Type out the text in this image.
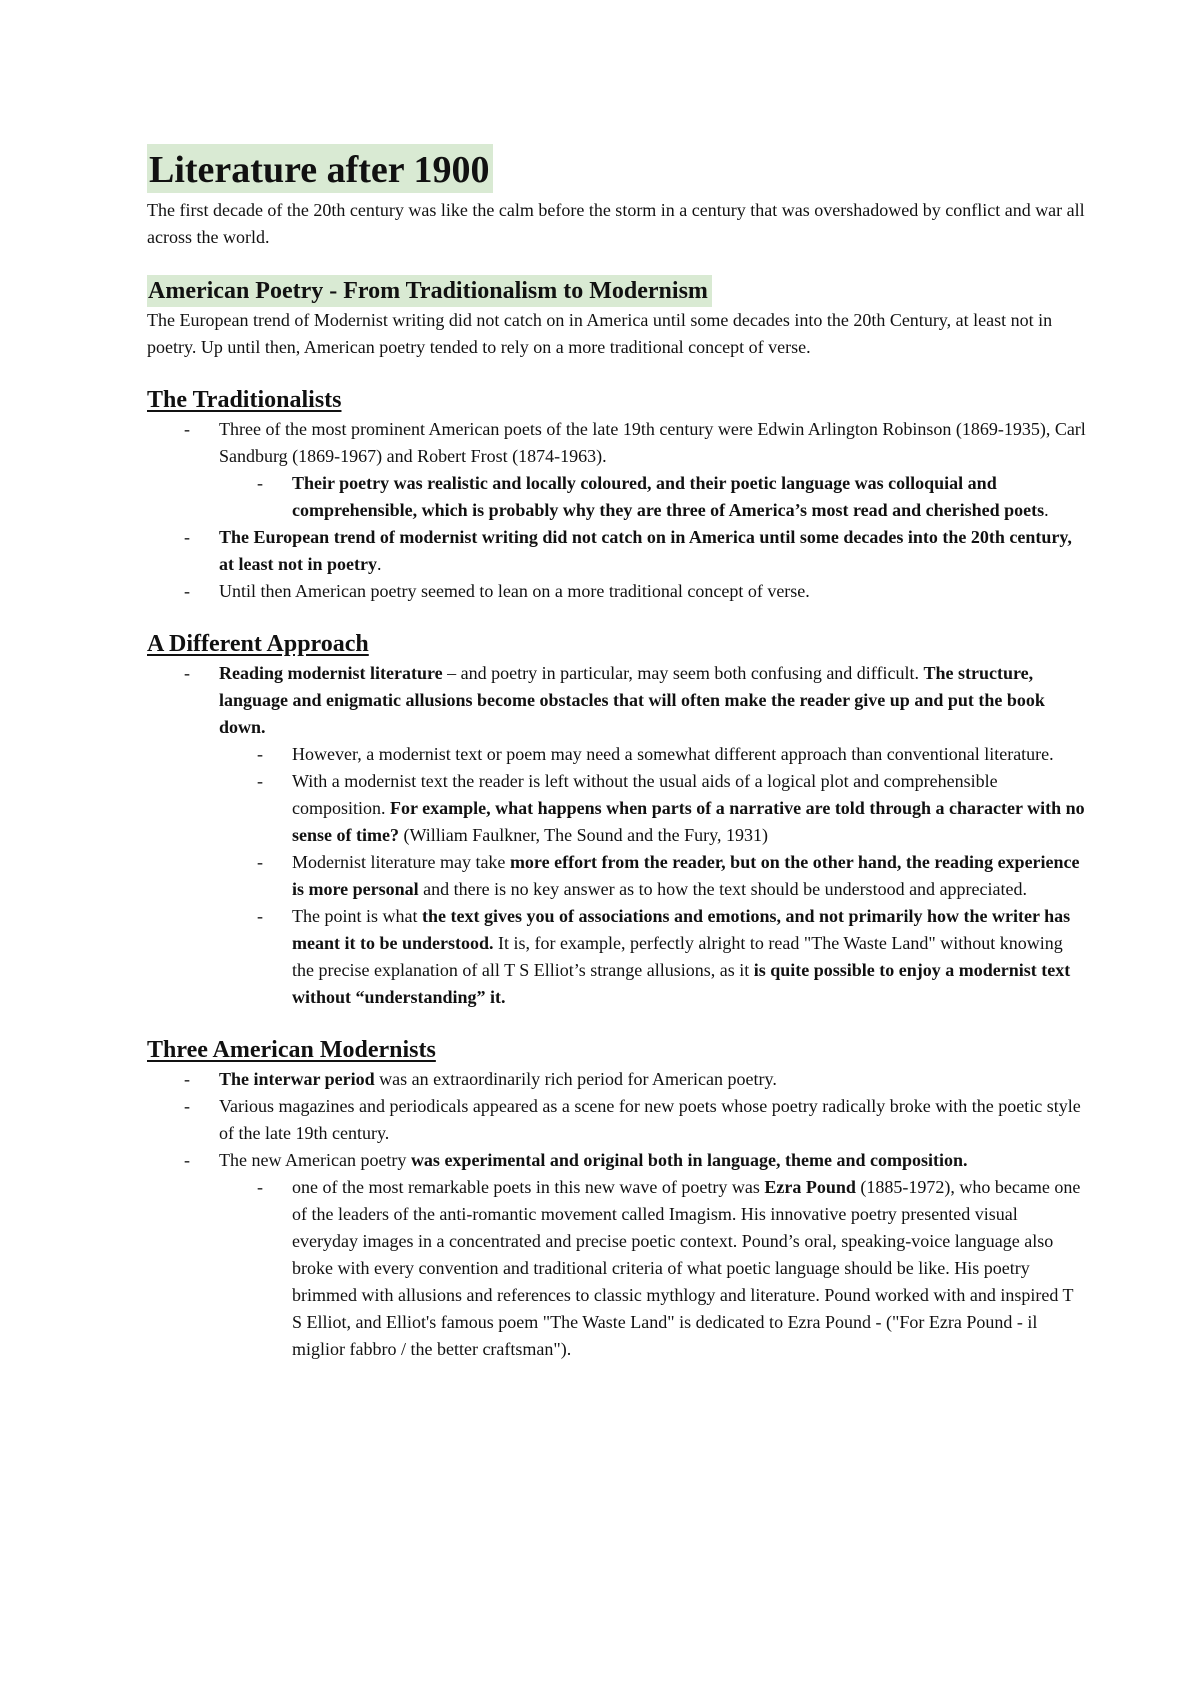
Literature after 1900

The first decade of the 20th century was like the calm before the storm in a century that was overshadowed by conflict and war all across the world.

American Poetry - From Traditionalism to Modernism

The European trend of Modernist writing did not catch on in America until some decades into the 20th Century, at least not in poetry. Up until then, American poetry tended to rely on a more traditional concept of verse.

The Traditionalists
- Three of the most prominent American poets of the late 19th century were Edwin Arlington Robinson (1869-1935), Carl Sandburg (1869-1967) and Robert Frost (1874-1963).
- Their poetry was realistic and locally coloured, and their poetic language was colloquial and comprehensible, which is probably why they are three of America’s most read and cherished poets.
- The European trend of modernist writing did not catch on in America until some decades into the 20th century, at least not in poetry.
- Until then American poetry seemed to lean on a more traditional concept of verse.
A Different Approach
- Reading modernist literature – and poetry in particular, may seem both confusing and difficult. The structure, language and enigmatic allusions become obstacles that will often make the reader give up and put the book down.
- However, a modernist text or poem may need a somewhat different approach than conventional literature.
- With a modernist text the reader is left without the usual aids of a logical plot and comprehensible composition. For example, what happens when parts of a narrative are told through a character with no sense of time? (William Faulkner, The Sound and the Fury, 1931)
- Modernist literature may take more effort from the reader, but on the other hand, the reading experience is more personal and there is no key answer as to how the text should be understood and appreciated.
- The point is what the text gives you of associations and emotions, and not primarily how the writer has meant it to be understood. It is, for example, perfectly alright to read "The Waste Land" without knowing the precise explanation of all T S Elliot’s strange allusions, as it is quite possible to enjoy a modernist text without “understanding” it.
Three American Modernists
- The interwar period was an extraordinarily rich period for American poetry.
- Various magazines and periodicals appeared as a scene for new poets whose poetry radically broke with the poetic style of the late 19th century.
- The new American poetry was experimental and original both in language, theme and composition.
- one of the most remarkable poets in this new wave of poetry was Ezra Pound (1885-1972), who became one of the leaders of the anti-romantic movement called Imagism. His innovative poetry presented visual everyday images in a concentrated and precise poetic context. Pound’s oral, speaking-voice language also broke with every convention and traditional criteria of what poetic language should be like. His poetry brimmed with allusions and references to classic mythlogy and literature. Pound worked with and inspired T S Elliot, and Elliot's famous poem "The Waste Land" is dedicated to Ezra Pound - ("For Ezra Pound - il miglior fabbro / the better craftsman").
